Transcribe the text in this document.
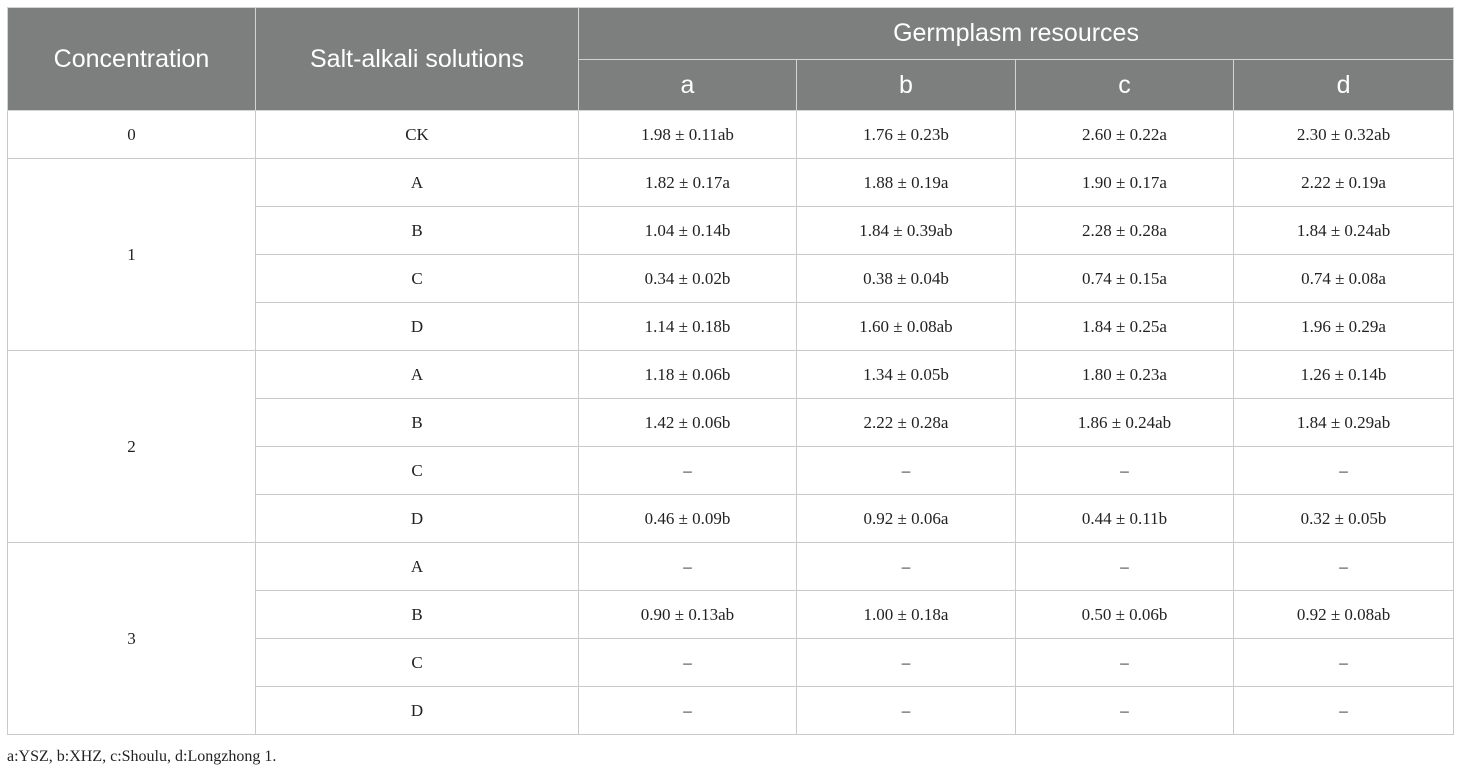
Concentration	Salt-alkali solutions	Germplasm resources			
		a	b	c	d
0	CK	1.98 ± 0.11ab	1.76 ± 0.23b	2.60 ± 0.22a	2.30 ± 0.32ab
1	A	1.82 ± 0.17a	1.88 ± 0.19a	1.90 ± 0.17a	2.22 ± 0.19a
	B	1.04 ± 0.14b	1.84 ± 0.39ab	2.28 ± 0.28a	1.84 ± 0.24ab
	C	0.34 ± 0.02b	0.38 ± 0.04b	0.74 ± 0.15a	0.74 ± 0.08a
	D	1.14 ± 0.18b	1.60 ± 0.08ab	1.84 ± 0.25a	1.96 ± 0.29a
2	A	1.18 ± 0.06b	1.34 ± 0.05b	1.80 ± 0.23a	1.26 ± 0.14b
	B	1.42 ± 0.06b	2.22 ± 0.28a	1.86 ± 0.24ab	1.84 ± 0.29ab
	C	–	–	–	–
	D	0.46 ± 0.09b	0.92 ± 0.06a	0.44 ± 0.11b	0.32 ± 0.05b
3	A	–	–	–	–
	B	0.90 ± 0.13ab	1.00 ± 0.18a	0.50 ± 0.06b	0.92 ± 0.08ab
	C	–	–	–	–
	D	–	–	–	–
a:YSZ, b:XHZ, c:Shoulu, d:Longzhong 1.
